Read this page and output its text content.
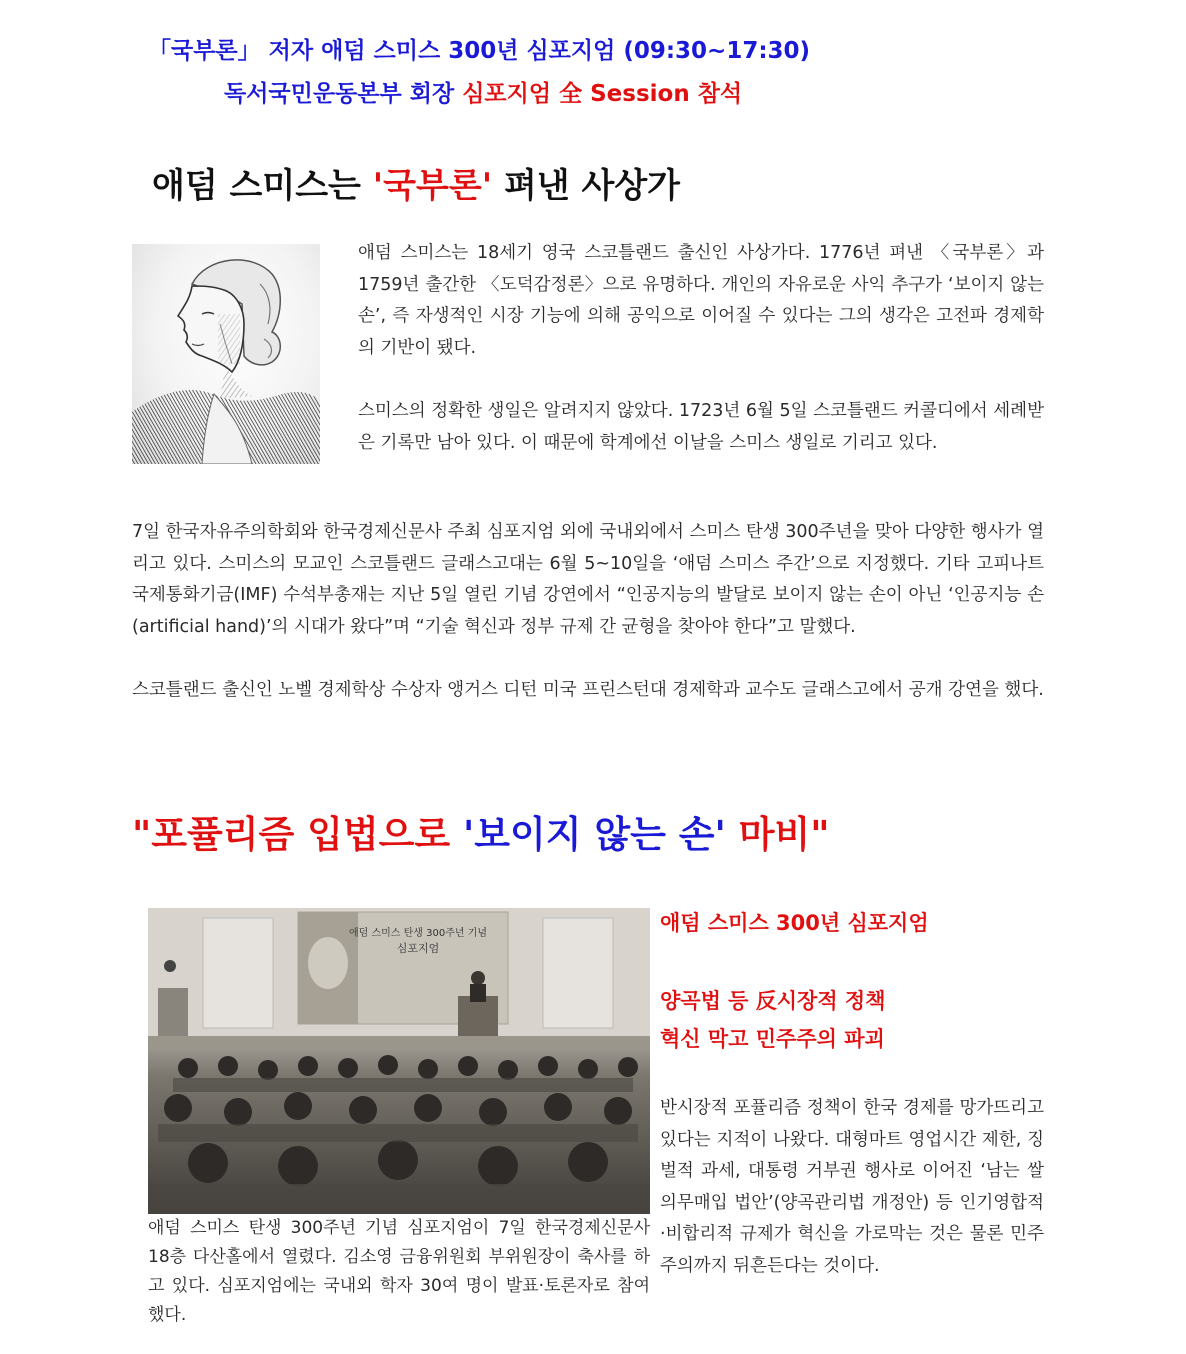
「국부론」 저자 애덤 스미스 300년 심포지엄 (09:30~17:30)
독서국민운동본부 회장 심포지엄 全 Session 참석
애덤 스미스는 '국부론' 펴낸 사상가

애덤 스미스는 18세기 영국 스코틀랜드 출신인 사상가다. 1776년 펴낸 〈국부론〉과 1759년 출간한 〈도덕감정론〉으로 유명하다. 개인의 자유로운 사익 추구가 ‘보이지 않는 손’, 즉 자생적인 시장 기능에 의해 공익으로 이어질 수 있다는 그의 생각은 고전파 경제학의 기반이 됐다.

스미스의 정확한 생일은 알려지지 않았다. 1723년 6월 5일 스코틀랜드 커콜디에서 세례받은 기록만 남아 있다. 이 때문에 학계에선 이날을 스미스 생일로 기리고 있다.

7일 한국자유주의학회와 한국경제신문사 주최 심포지엄 외에 국내외에서 스미스 탄생 300주년을 맞아 다양한 행사가 열리고 있다. 스미스의 모교인 스코틀랜드 글래스고대는 6월 5~10일을 ‘애덤 스미스 주간’으로 지정했다. 기타 고피나트 국제통화기금(IMF) 수석부총재는 지난 5일 열린 기념 강연에서 “인공지능의 발달로 보이지 않는 손이 아닌 ‘인공지능 손(artificial hand)’의 시대가 왔다”며 “기술 혁신과 정부 규제 간 균형을 찾아야 한다”고 말했다.

스코틀랜드 출신인 노벨 경제학상 수상자 앵거스 디턴 미국 프린스턴대 경제학과 교수도 글래스고에서 공개 강연을 했다.

"포퓰리즘 입법으로 '보이지 않는 손' 마비"
애덤 스미스 탄생 300주년 기념
심포지엄
애덤 스미스 탄생 300주년 기념 심포지엄이 7일 한국경제신문사 18층 다산홀에서 열렸다. 김소영 금융위원회 부위원장이 축사를 하고 있다. 심포지엄에는 국내외 학자 30여 명이 발표·토론자로 참여했다.
애덤 스미스 300년 심포지엄
양곡법 등 反시장적 정책
혁신 막고 민주주의 파괴

반시장적 포퓰리즘 정책이 한국 경제를 망가뜨리고 있다는 지적이 나왔다. 대형마트 영업시간 제한, 징벌적 과세, 대통령 거부권 행사로 이어진 ‘남는 쌀 의무매입 법안’(양곡관리법 개정안) 등 인기영합적·비합리적 규제가 혁신을 가로막는 것은 물론 민주주의까지 뒤흔든다는 것이다.
